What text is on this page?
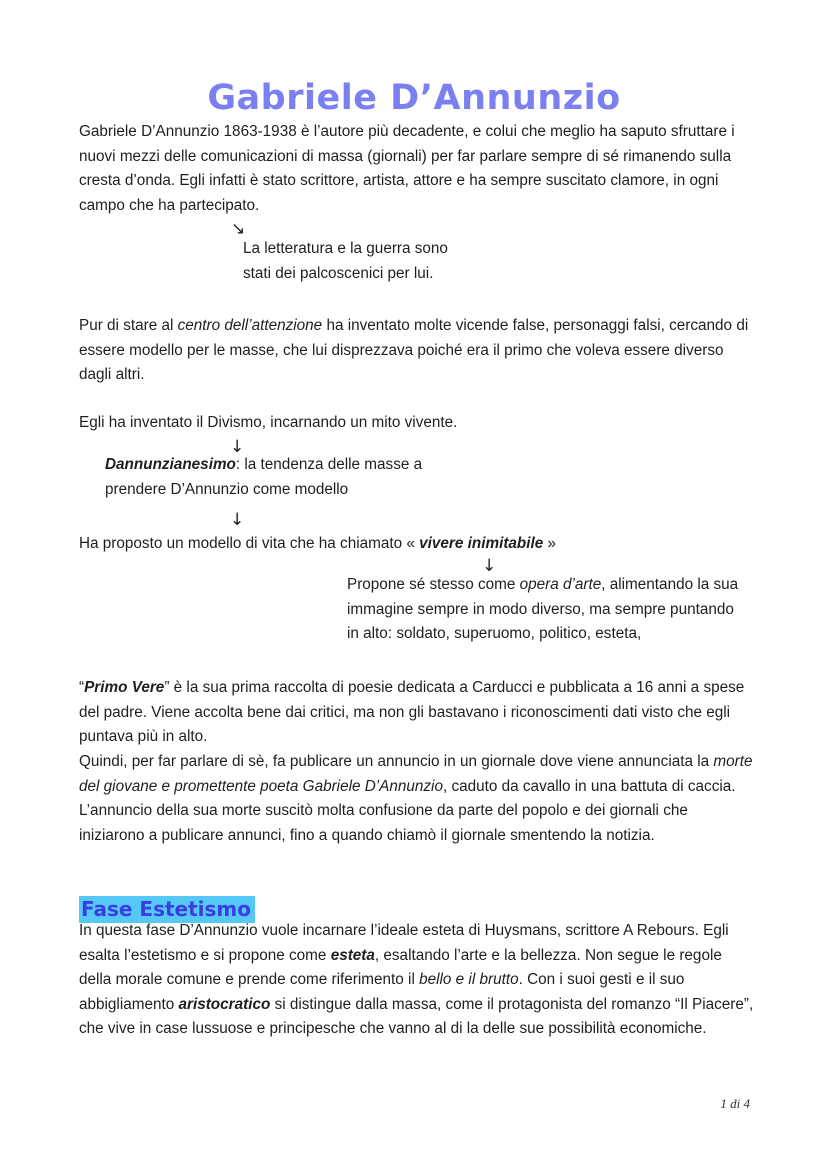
Gabriele D’Annunzio

Gabriele D’Annunzio 1863-1938 è l’autore più decadente, e colui che meglio ha saputo sfruttare i nuovi mezzi delle comunicazioni di massa (giornali) per far parlare sempre di sé rimanendo sulla cresta d’onda. Egli infatti è stato scrittore, artista, attore e ha sempre suscitato clamore, in ogni campo che ha partecipato.

↘

La letteratura e la guerra sono stati dei palcoscenici per lui.

Pur di stare al centro dell’attenzione ha inventato molte vicende false, personaggi falsi, cercando di essere modello per le masse, che lui disprezzava poiché era il primo che voleva essere diverso dagli altri.

Egli ha inventato il Divismo, incarnando un mito vivente.

↓

Dannunzianesimo: la tendenza delle masse a prendere D’Annunzio come modello

↓

Ha proposto un modello di vita che ha chiamato « vivere inimitabile »

↓

Propone sé stesso come opera d’arte, alimentando la sua immagine sempre in modo diverso, ma sempre puntando in alto: soldato, superuomo, politico, esteta,

“Primo Vere” è la sua prima raccolta di poesie dedicata a Carducci e pubblicata a 16 anni a spese del padre. Viene accolta bene dai critici, ma non gli bastavano i riconoscimenti dati visto che egli puntava più in alto.

Quindi, per far parlare di sè, fa publicare un annuncio in un giornale dove viene annunciata la morte del giovane e promettente poeta Gabriele D’Annunzio, caduto da cavallo in una battuta di caccia. L’annuncio della sua morte suscitò molta confusione da parte del popolo e dei giornali che iniziarono a publicare annunci, fino a quando chiamò il giornale smentendo la notizia.

Fase Estetismo

In questa fase D’Annunzio vuole incarnare l’ideale esteta di Huysmans, scrittore A Rebours. Egli esalta l’estetismo e si propone come esteta, esaltando l’arte e la bellezza. Non segue le regole della morale comune e prende come riferimento il bello e il brutto. Con i suoi gesti e il suo abbigliamento aristocratico si distingue dalla massa, come il protagonista del romanzo “Il Piacere”, che vive in case lussuose e principesche che vanno al di la delle sue possibilità economiche.

1 di 4
